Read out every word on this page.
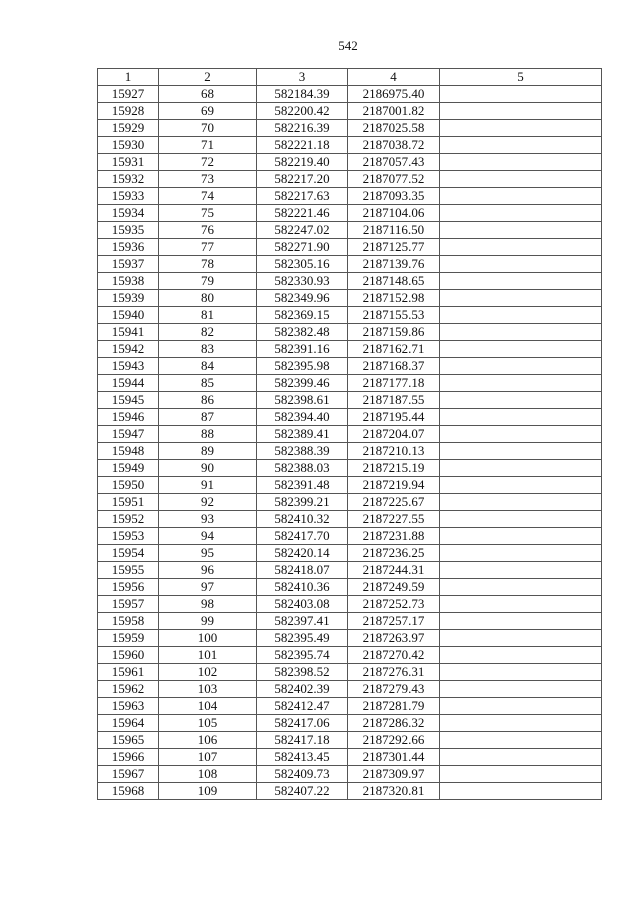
542
1	2	3	4	5
15927	68	582184.39	2186975.40	
15928	69	582200.42	2187001.82	
15929	70	582216.39	2187025.58	
15930	71	582221.18	2187038.72	
15931	72	582219.40	2187057.43	
15932	73	582217.20	2187077.52	
15933	74	582217.63	2187093.35	
15934	75	582221.46	2187104.06	
15935	76	582247.02	2187116.50	
15936	77	582271.90	2187125.77	
15937	78	582305.16	2187139.76	
15938	79	582330.93	2187148.65	
15939	80	582349.96	2187152.98	
15940	81	582369.15	2187155.53	
15941	82	582382.48	2187159.86	
15942	83	582391.16	2187162.71	
15943	84	582395.98	2187168.37	
15944	85	582399.46	2187177.18	
15945	86	582398.61	2187187.55	
15946	87	582394.40	2187195.44	
15947	88	582389.41	2187204.07	
15948	89	582388.39	2187210.13	
15949	90	582388.03	2187215.19	
15950	91	582391.48	2187219.94	
15951	92	582399.21	2187225.67	
15952	93	582410.32	2187227.55	
15953	94	582417.70	2187231.88	
15954	95	582420.14	2187236.25	
15955	96	582418.07	2187244.31	
15956	97	582410.36	2187249.59	
15957	98	582403.08	2187252.73	
15958	99	582397.41	2187257.17	
15959	100	582395.49	2187263.97	
15960	101	582395.74	2187270.42	
15961	102	582398.52	2187276.31	
15962	103	582402.39	2187279.43	
15963	104	582412.47	2187281.79	
15964	105	582417.06	2187286.32	
15965	106	582417.18	2187292.66	
15966	107	582413.45	2187301.44	
15967	108	582409.73	2187309.97	
15968	109	582407.22	2187320.81	
